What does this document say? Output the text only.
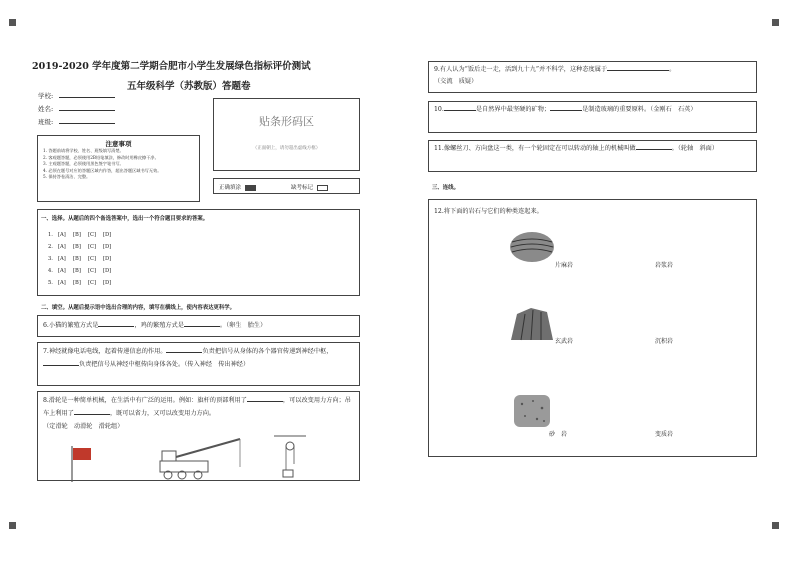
2019-2020 学年度第二学期合肥市小学生发展绿色指标评价测试
五年级科学（苏教版）答题卷
学校:
姓名:
班级:
注意事项
1. 答题前请将学校、姓名、班级填写清楚。
2. 客观题答题，必须使用2B铅笔填涂，修改时用橡皮擦干净。
3. 主观题答题，必须使用黑色签字笔书写。
4. 必须在题号对应的答题区域内作答，超出答题区域书写无效。
5. 保持答卷清洁、完整。
贴条形码区
（正面朝上，请勿超出虚线方框）
正确填涂	缺考标记
一、选择。从题后的四个备选答案中，选出一个符合题目要求的答案。
1. [A] [B] [C] [D]
2. [A] [B] [C] [D]
3. [A] [B] [C] [D]
4. [A] [B] [C] [D]
5. [A] [B] [C] [D]
二、填空。从题后提示语中选出合理的内容，填写在横线上，使内容表达更科学。
6.小猫的繁殖方式是	，鸡的繁殖方式是	。（卵生　胎生）
7.神经就像电话电线，起着传递信息的作用。	负责把信号从身体的各个器官传递到神经中枢，负责把信号从神经中枢传向身体各处。（传入神经　传出神经）
8.滑轮是一种简单机械，在生活中有广泛的运用。例如：旗杆的顶部利用了	，可以改变用力方向；吊车上利用了	，既可以省力，又可以改变用力方向。
（定滑轮　动滑轮　滑轮组）
9.有人认为“饭后走一走，活到九十九”并不科学，这种态度属于	。
（交流　质疑）
10.	是自然界中最坚硬的矿物；	是制造玻璃的重要原料。（金刚石　石英）
11.像螺丝刀、方向盘这一类，有一个轮固定在可以转动的轴上的机械叫做	。（轮轴　斜面）
三、连线。
12.将下面的岩石与它们的种类连起来。
片麻岩	岩浆岩
玄武岩	沉积岩
砂　岩	变质岩
